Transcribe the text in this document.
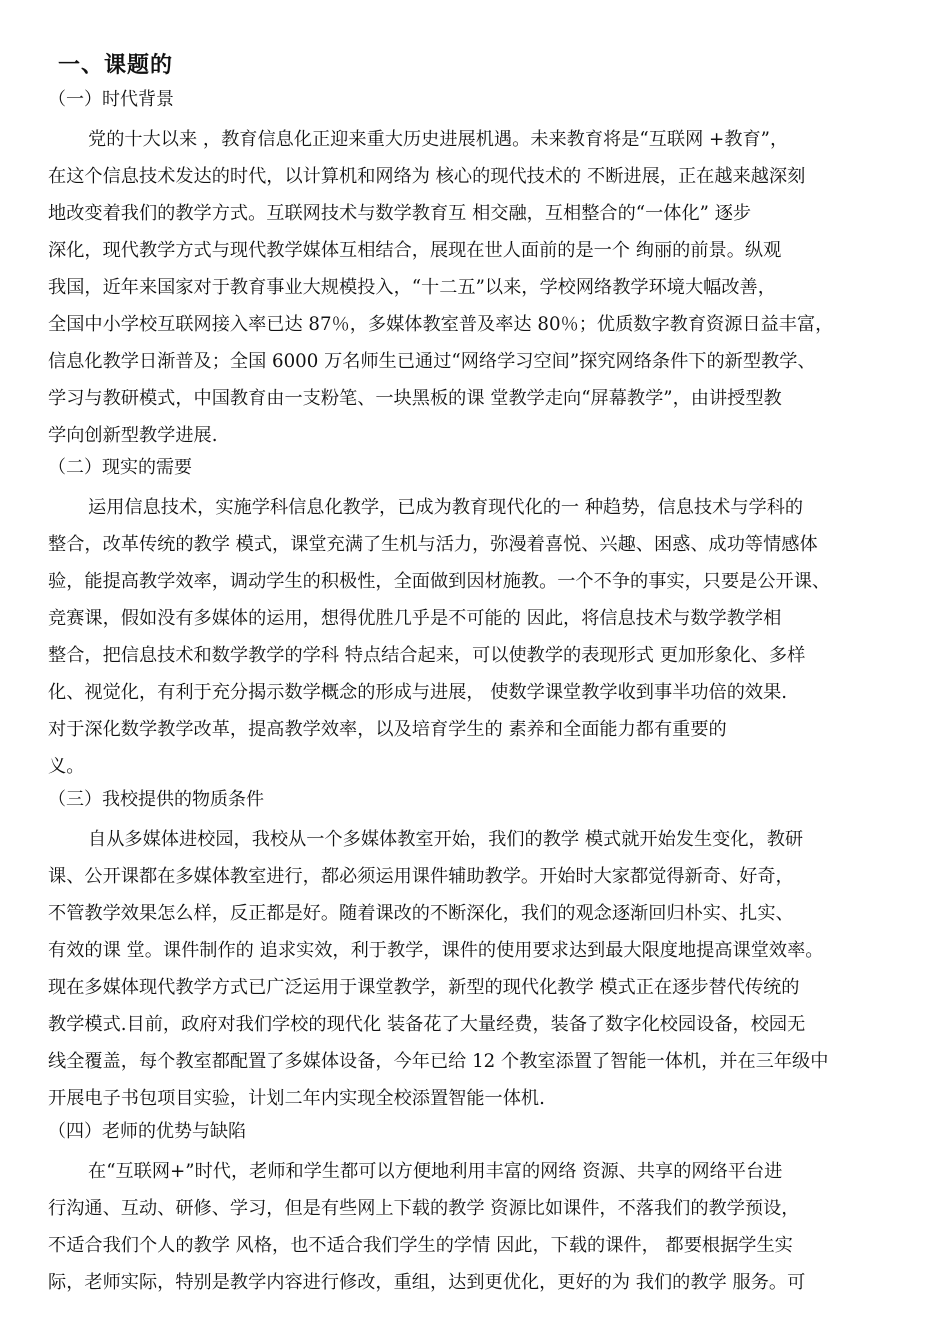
一、课题的

（一）时代背景

党的十大以来 ，教育信息化正迎来重大历史进展机遇。未来教育将是“互联网 +教育”，

在这个信息技术发达的时代，以计算机和网络为 核心的现代技术的 不断进展，正在越来越深刻

地改变着我们的教学方式。互联网技术与数学教育互 相交融，互相整合的“一体化” 逐步

深化，现代教学方式与现代教学媒体互相结合，展现在世人面前的是一个 绚丽的前景。纵观

我国，近年来国家对于教育事业大规模投入，“十二五”以来，学校网络教学环境大幅改善，

全国中小学校互联网接入率已达 87％，多媒体教室普及率达 80％；优质数字教育资源日益丰富，

信息化教学日渐普及；全国 6000 万名师生已通过“网络学习空间”探究网络条件下的新型教学、

学习与教研模式，中国教育由一支粉笔、一块黑板的课 堂教学走向“屏幕教学”，由讲授型教

学向创新型教学进展.

（二）现实的需要

运用信息技术，实施学科信息化教学，已成为教育现代化的一 种趋势，信息技术与学科的

整合，改革传统的教学 模式，课堂充满了生机与活力，弥漫着喜悦、兴趣、困惑、成功等情感体

验，能提高教学效率，调动学生的积极性，全面做到因材施教。一个不争的事实，只要是公开课、

竞赛课，假如没有多媒体的运用，想得优胜几乎是不可能的 因此，将信息技术与数学教学相

整合，把信息技术和数学教学的学科 特点结合起来，可以使教学的表现形式 更加形象化、多样

化、视觉化，有利于充分揭示数学概念的形成与进展， 使数学课堂教学收到事半功倍的效果.

对于深化数学教学改革，提高教学效率，以及培育学生的 素养和全面能力都有重要的

义。

（三）我校提供的物质条件

自从多媒体进校园，我校从一个多媒体教室开始，我们的教学 模式就开始发生变化，教研

课、公开课都在多媒体教室进行，都必须运用课件辅助教学。开始时大家都觉得新奇、好奇，

不管教学效果怎么样，反正都是好。随着课改的不断深化，我们的观念逐渐回归朴实、扎实、

有效的课 堂。课件制作的 追求实效，利于教学，课件的使用要求达到最大限度地提高课堂效率。

现在多媒体现代教学方式已广泛运用于课堂教学，新型的现代化教学 模式正在逐步替代传统的

教学模式.目前，政府对我们学校的现代化 装备花了大量经费，装备了数字化校园设备，校园无

线全覆盖，每个教室都配置了多媒体设备，今年已给 12 个教室添置了智能一体机，并在三年级中

开展电子书包项目实验，计划二年内实现全校添置智能一体机.

（四）老师的优势与缺陷

在“互联网+”时代，老师和学生都可以方便地利用丰富的网络 资源、共享的网络平台进

行沟通、互动、研修、学习，但是有些网上下载的教学 资源比如课件，不落我们的教学预设，

不适合我们个人的教学 风格，也不适合我们学生的学情 因此，下载的课件， 都要根据学生实

际，老师实际，特别是教学内容进行修改，重组，达到更优化，更好的为 我们的教学 服务。可
